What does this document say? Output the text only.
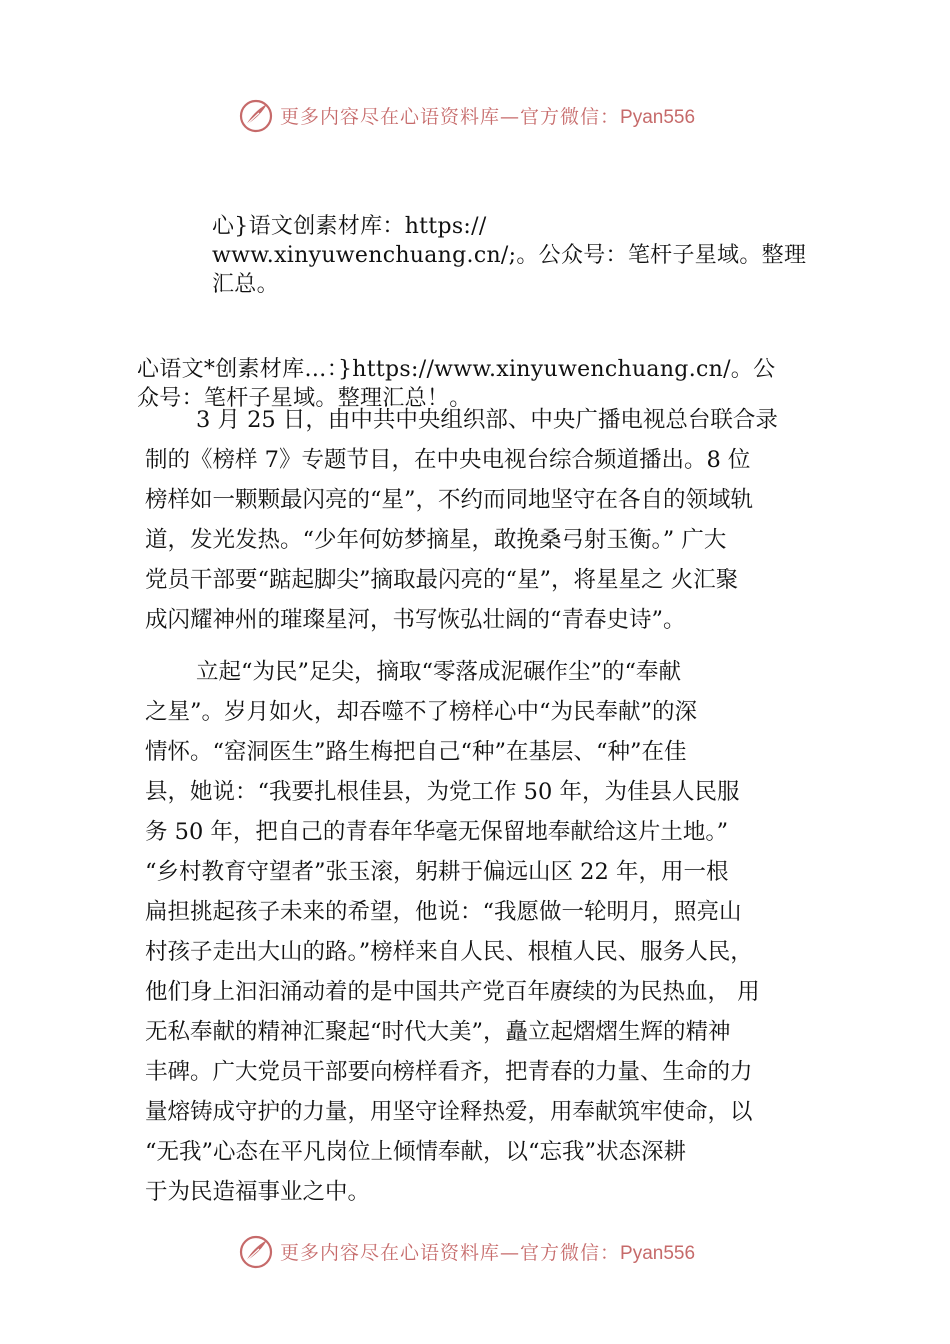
更多内容尽在心语资料库—官方微信：Pyan556
心}语文创素材库：https://
www.xinyuwenchuang.cn/;。公众号：笔杆子星域。整理
汇总。
心语文*创素材库…：}https://www.xinyuwenchuang.cn/。公
众号：笔杆子星域。整理汇总！。
3 月 25 日，由中共中央组织部、中央广播电视总台联合录
制的《榜样 7》专题节目，在中央电视台综合频道播出。8 位
榜样如一颗颗最闪亮的“星”，不约而同地坚守在各自的领域轨
道，发光发热。“少年何妨梦摘星，敢挽桑弓射玉衡。” 广大
党员干部要“踮起脚尖”摘取最闪亮的“星”，将星星之 火汇聚
成闪耀神州的璀璨星河，书写恢弘壮阔的“青春史诗”。
立起“为民”足尖，摘取“零落成泥碾作尘”的“奉献
之星”。岁月如火，却吞噬不了榜样心中“为民奉献”的深
情怀。“窑洞医生”路生梅把自己“种”在基层、“种”在佳
县，她说：“我要扎根佳县，为党工作 50 年，为佳县人民服
务 50 年，把自己的青春年华毫无保留地奉献给这片土地。”
“乡村教育守望者”张玉滚，躬耕于偏远山区 22 年，用一根
扁担挑起孩子未来的希望，他说：“我愿做一轮明月，照亮山
村孩子走出大山的路。”榜样来自人民、根植人民、服务人民，
他们身上汩汩涌动着的是中国共产党百年赓续的为民热血， 用
无私奉献的精神汇聚起“时代大美”，矗立起熠熠生辉的精神
丰碑。广大党员干部要向榜样看齐，把青春的力量、生命的力
量熔铸成守护的力量，用坚守诠释热爱，用奉献筑牢使命，以
“无我”心态在平凡岗位上倾情奉献，以“忘我”状态深耕
于为民造福事业之中。
更多内容尽在心语资料库—官方微信：Pyan556
